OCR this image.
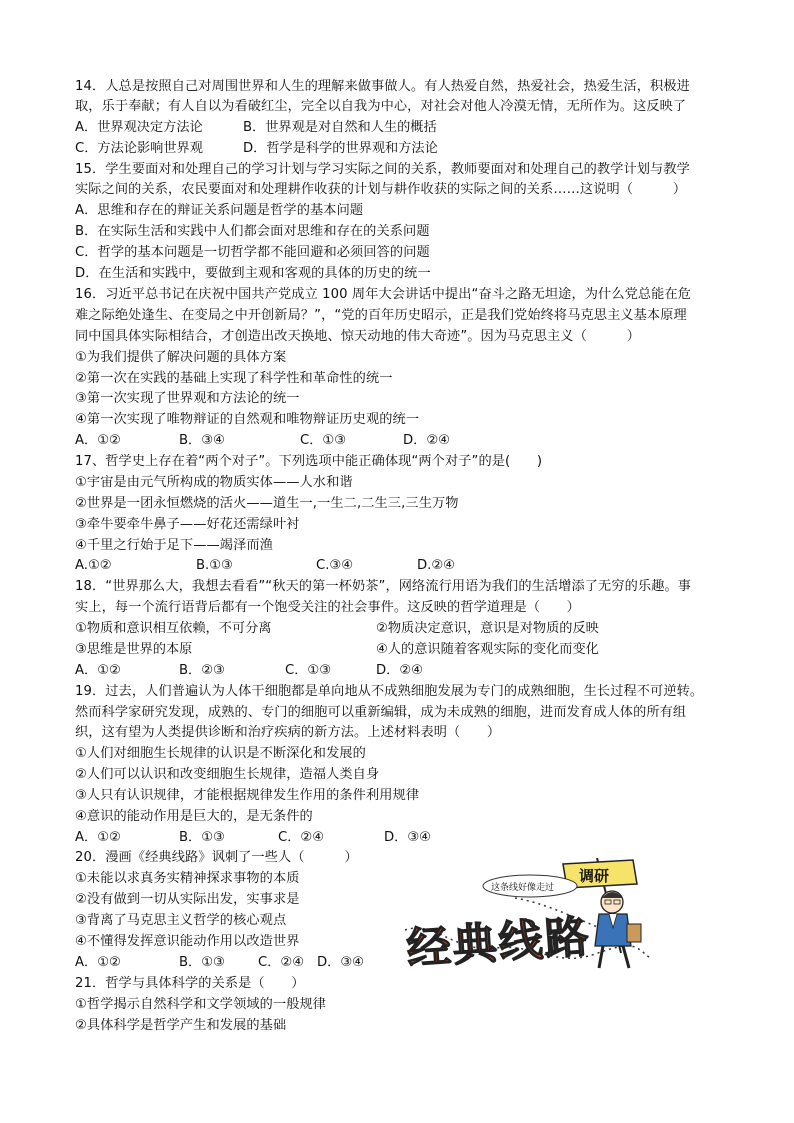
14．人总是按照自己对周围世界和人生的理解来做事做人。有人热爱自然，热爱社会，热爱生活，积极进
取，乐于奉献；有人自以为看破红尘，完全以自我为中心，对社会对他人冷漠无情，无所作为。这反映了
A．世界观决定方法论	B．世界观是对自然和人生的概括
C．方法论影响世界观	D．哲学是科学的世界观和方法论
15．学生要面对和处理自己的学习计划与学习实际之间的关系，教师要面对和处理自己的教学计划与教学
实际之间的关系，农民要面对和处理耕作收获的计划与耕作收获的实际之间的关系……这说明（　　　）
A．思维和存在的辩证关系问题是哲学的基本问题
B．在实际生活和实践中人们都会面对思维和存在的关系问题
C．哲学的基本问题是一切哲学都不能回避和必须回答的问题
D．在生活和实践中，要做到主观和客观的具体的历史的统一
16．习近平总书记在庆祝中国共产党成立 100 周年大会讲话中提出“奋斗之路无坦途，为什么党总能在危
难之际绝处逢生、在变局之中开创新局？”，“党的百年历史昭示，正是我们党始终将马克思主义基本原理
同中国具体实际相结合，才创造出改天换地、惊天动地的伟大奇迹”。因为马克思主义（　　　）
①为我们提供了解决问题的具体方案
②第一次在实践的基础上实现了科学性和革命性的统一
③第一次实现了世界观和方法论的统一
④第一次实现了唯物辩证的自然观和唯物辩证历史观的统一
A．①②	B．③④	C．①③	D．②④
17、哲学史上存在着“两个对子”。下列选项中能正确体现“两个对子”的是(　　)
①宇宙是由元气所构成的物质实体——人水和谐
②世界是一团永恒燃烧的活火——道生一,一生二,二生三,三生万物
③牵牛要牵牛鼻子——好花还需绿叶衬
④千里之行始于足下——竭泽而渔
A.①②	B.①③	C.③④	D.②④
18．“世界那么大，我想去看看”“秋天的第一杯奶茶”，网络流行用语为我们的生活增添了无穷的乐趣。事
实上，每一个流行语背后都有一个饱受关注的社会事件。这反映的哲学道理是（　　）
①物质和意识相互依赖，不可分离	②物质决定意识，意识是对物质的反映
③思维是世界的本原	④人的意识随着客观实际的变化而变化
A．①②	B．②③	C．①③	D．②④
19．过去，人们普遍认为人体干细胞都是单向地从不成熟细胞发展为专门的成熟细胞，生长过程不可逆转。
然而科学家研究发现，成熟的、专门的细胞可以重新编辑，成为未成熟的细胞，进而发育成人体的所有组
织，这有望为人类提供诊断和治疗疾病的新方法。上述材料表明（　　）
①人们对细胞生长规律的认识是不断深化和发展的
②人们可以认识和改变细胞生长规律，造福人类自身
③人只有认识规律，才能根据规律发生作用的条件利用规律
④意识的能动作用是巨大的，是无条件的
A．①②	B．①③	C．②④	D．③④
20．漫画《经典线路》讽刺了一些人（　　　）
①未能以求真务实精神探求事物的本质
②没有做到一切从实际出发，实事求是
③背离了马克思主义哲学的核心观点
④不懂得发挥意识能动作用以改造世界
A．①②	B．①③	C．②④ D．③④
调研
这条线好像走过
经典线路
21．哲学与具体科学的关系是（　　）
①哲学揭示自然科学和文学领域的一般规律
②具体科学是哲学产生和发展的基础
